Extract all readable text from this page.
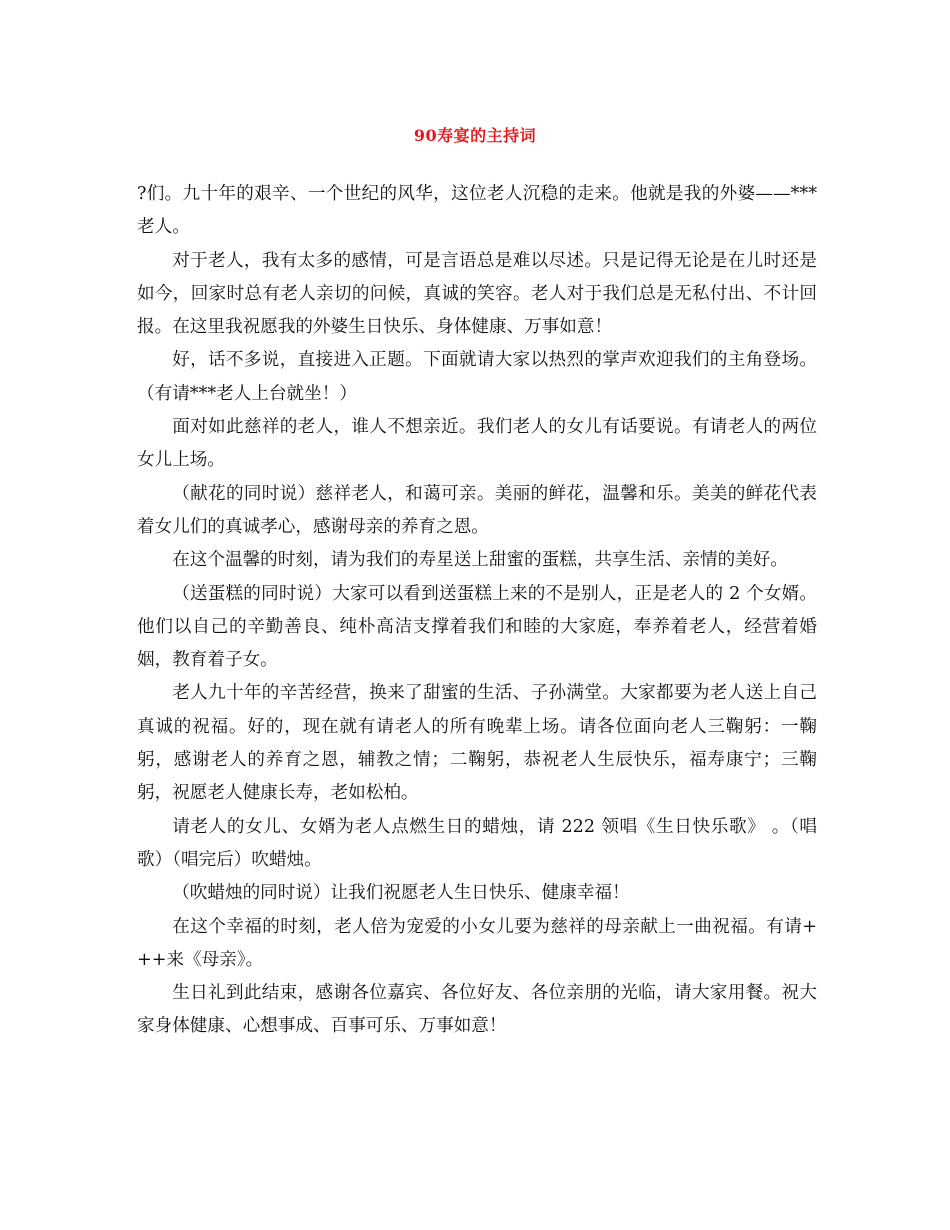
90寿宴的主持词

?们。九十年的艰辛、一个世纪的风华，这位老人沉稳的走来。他就是我的外婆——***老人。

对于老人，我有太多的感情，可是言语总是难以尽述。只是记得无论是在儿时还是如今，回家时总有老人亲切的问候，真诚的笑容。老人对于我们总是无私付出、不计回报。在这里我祝愿我的外婆生日快乐、身体健康、万事如意！

好，话不多说，直接进入正题。下面就请大家以热烈的掌声欢迎我们的主角登场。 （有请***老人上台就坐！）

面对如此慈祥的老人，谁人不想亲近。我们老人的女儿有话要说。有请老人的两位女儿上场。

（献花的同时说）慈祥老人，和蔼可亲。美丽的鲜花，温馨和乐。美美的鲜花代表着女儿们的真诚孝心，感谢母亲的养育之恩。

在这个温馨的时刻，请为我们的寿星送上甜蜜的蛋糕，共享生活、亲情的美好。

（送蛋糕的同时说）大家可以看到送蛋糕上来的不是别人，正是老人的 2 个女婿。他们以自己的辛勤善良、纯朴高洁支撑着我们和睦的大家庭，奉养着老人，经营着婚姻，教育着子女。

老人九十年的辛苦经营，换来了甜蜜的生活、子孙满堂。大家都要为老人送上自己真诚的祝福。好的，现在就有请老人的所有晚辈上场。请各位面向老人三鞠躬：一鞠躬，感谢老人的养育之恩，辅教之情；二鞠躬，恭祝老人生辰快乐，福寿康宁；三鞠躬，祝愿老人健康长寿，老如松柏。

请老人的女儿、女婿为老人点燃生日的蜡烛，请 222 领唱《生日快乐歌》 。（唱歌）（唱完后）吹蜡烛。

（吹蜡烛的同时说）让我们祝愿老人生日快乐、健康幸福！

在这个幸福的时刻，老人倍为宠爱的小女儿要为慈祥的母亲献上一曲祝福。有请+++来《母亲》。

生日礼到此结束，感谢各位嘉宾、各位好友、各位亲朋的光临，请大家用餐。祝大家身体健康、心想事成、百事可乐、万事如意！
